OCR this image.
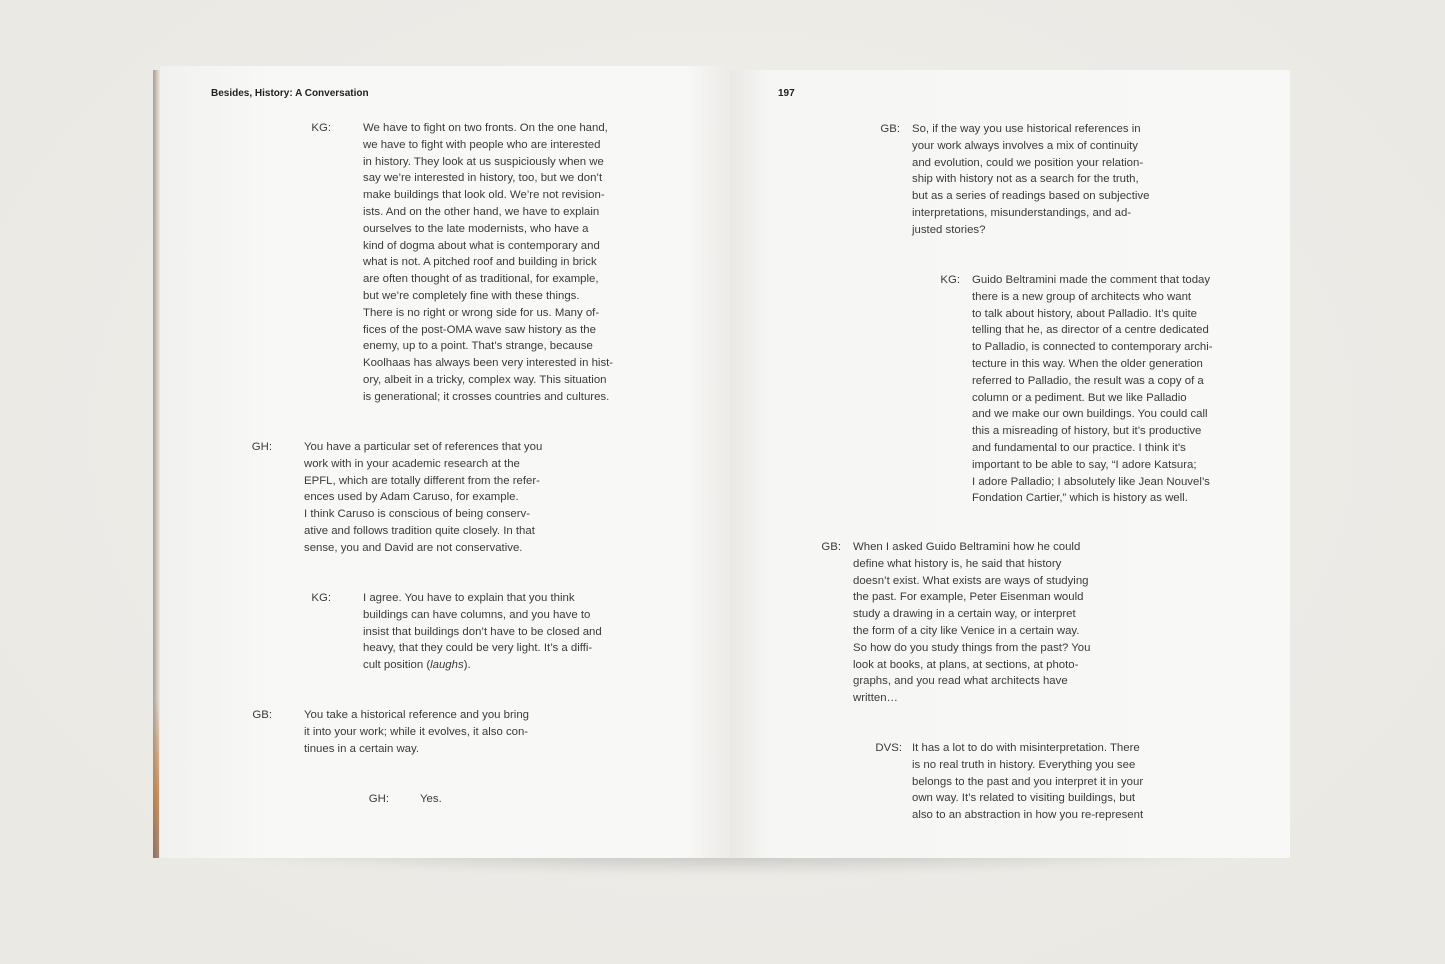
Besides, History: A Conversation
KG:	We have to fight on two fronts. On the one hand,
we have to fight with people who are interested
in history. They look at us suspiciously when we
say we’re interested in history, too, but we don’t
make buildings that look old. We’re not revision-
ists. And on the other hand, we have to explain
ourselves to the late modernists, who have a
kind of dogma about what is contemporary and
what is not. A pitched roof and building in brick
are often thought of as traditional, for example,
but we’re completely fine with these things.
There is no right or wrong side for us. Many of-
fices of the post-OMA wave saw history as the
enemy, up to a point. That’s strange, because
Koolhaas has always been very interested in hist-
ory, albeit in a tricky, complex way. This situation
is generational; it crosses countries and cultures.
GH:	You have a particular set of references that you
work with in your academic research at the
EPFL, which are totally different from the refer-
ences used by Adam Caruso, for example.
I think Caruso is conscious of being conserv-
ative and follows tradition quite closely. In that
sense, you and David are not conservative.
KG:	I agree. You have to explain that you think
buildings can have columns, and you have to
insist that buildings don’t have to be closed and
heavy, that they could be very light. It’s a diffi-
cult position (laughs).
GB:	You take a historical reference and you bring
it into your work; while it evolves, it also con-
tinues in a certain way.
GH:	Yes.
197
GB: So, if the way you use historical references in
your work always involves a mix of continuity
and evolution, could we position your relation-
ship with history not as a search for the truth,
but as a series of readings based on subjective
interpretations, misunderstandings, and ad-
justed stories?
KG: Guido Beltramini made the comment that today
there is a new group of architects who want
to talk about history, about Palladio. It’s quite
telling that he, as director of a centre dedicated
to Palladio, is connected to contemporary archi-
tecture in this way. When the older generation
referred to Palladio, the result was a copy of a
column or a pediment. But we like Palladio
and we make our own buildings. You could call
this a misreading of history, but it’s productive
and fundamental to our practice. I think it’s
important to be able to say, “I adore Katsura;
I adore Palladio; I absolutely like Jean Nouvel’s
Fondation Cartier,” which is history as well.
GB: When I asked Guido Beltramini how he could
define what history is, he said that history
doesn’t exist. What exists are ways of studying
the past. For example, Peter Eisenman would
study a drawing in a certain way, or interpret
the form of a city like Venice in a certain way.
So how do you study things from the past? You
look at books, at plans, at sections, at photo-
graphs, and you read what architects have
written…
DVS: It has a lot to do with misinterpretation. There
is no real truth in history. Everything you see
belongs to the past and you interpret it in your
own way. It’s related to visiting buildings, but
also to an abstraction in how you re-represent
